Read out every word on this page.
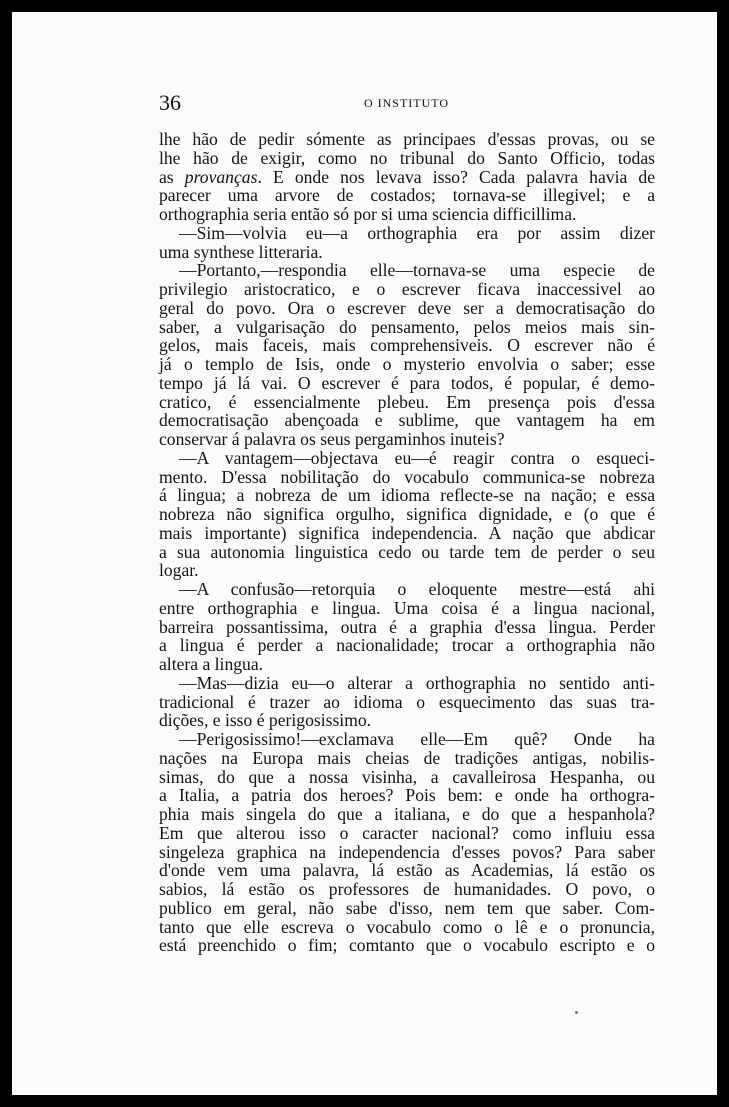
36	O INSTITUTO
lhe hão de pedir sómente as principaes d'essas provas, ou se
lhe hão de exigir, como no tribunal do Santo Officio, todas
as provanças. E onde nos levava isso? Cada palavra havia de
parecer uma arvore de costados; tornava-se illegivel; e a
orthographia seria então só por si uma sciencia difficillima.
—Sim—volvia eu—a orthographia era por assim dizer
uma synthese litteraria.
—Portanto,—respondia elle—tornava-se uma especie de
privilegio aristocratico, e o escrever ficava inaccessivel ao
geral do povo. Ora o escrever deve ser a democratisação do
saber, a vulgarisação do pensamento, pelos meios mais sin-
gelos, mais faceis, mais comprehensiveis. O escrever não é
já o templo de Isis, onde o mysterio envolvia o saber; esse
tempo já lá vai. O escrever é para todos, é popular, é demo-
cratico, é essencialmente plebeu. Em presença pois d'essa
democratisação abençoada e sublime, que vantagem ha em
conservar á palavra os seus pergaminhos inuteis?
—A vantagem—objectava eu—é reagir contra o esqueci-
mento. D'essa nobilitação do vocabulo communica-se nobreza
á lingua; a nobreza de um idioma reflecte-se na nação; e essa
nobreza não significa orgulho, significa dignidade, e (o que é
mais importante) significa independencia. A nação que abdicar
a sua autonomia linguistica cedo ou tarde tem de perder o seu
logar.
—A confusão—retorquia o eloquente mestre—está ahi
entre orthographia e lingua. Uma coisa é a lingua nacional,
barreira possantissima, outra é a graphia d'essa lingua. Perder
a lingua é perder a nacionalidade; trocar a orthographia não
altera a lingua.
—Mas—dizia eu—o alterar a orthographia no sentido anti-
tradicional é trazer ao idioma o esquecimento das suas tra-
dições, e isso é perigosissimo.
—Perigosissimo!—exclamava elle—Em quê? Onde ha
nações na Europa mais cheias de tradições antigas, nobilis-
simas, do que a nossa visinha, a cavalleirosa Hespanha, ou
a Italia, a patria dos heroes? Pois bem: e onde ha orthogra-
phia mais singela do que a italiana, e do que a hespanhola?
Em que alterou isso o caracter nacional? como influiu essa
singeleza graphica na independencia d'esses povos? Para saber
d'onde vem uma palavra, lá estão as Academias, lá estão os
sabios, lá estão os professores de humanidades. O povo, o
publico em geral, não sabe d'isso, nem tem que saber. Com-
tanto que elle escreva o vocabulo como o lê e o pronuncia,
está preenchido o fim; comtanto que o vocabulo escripto e o
